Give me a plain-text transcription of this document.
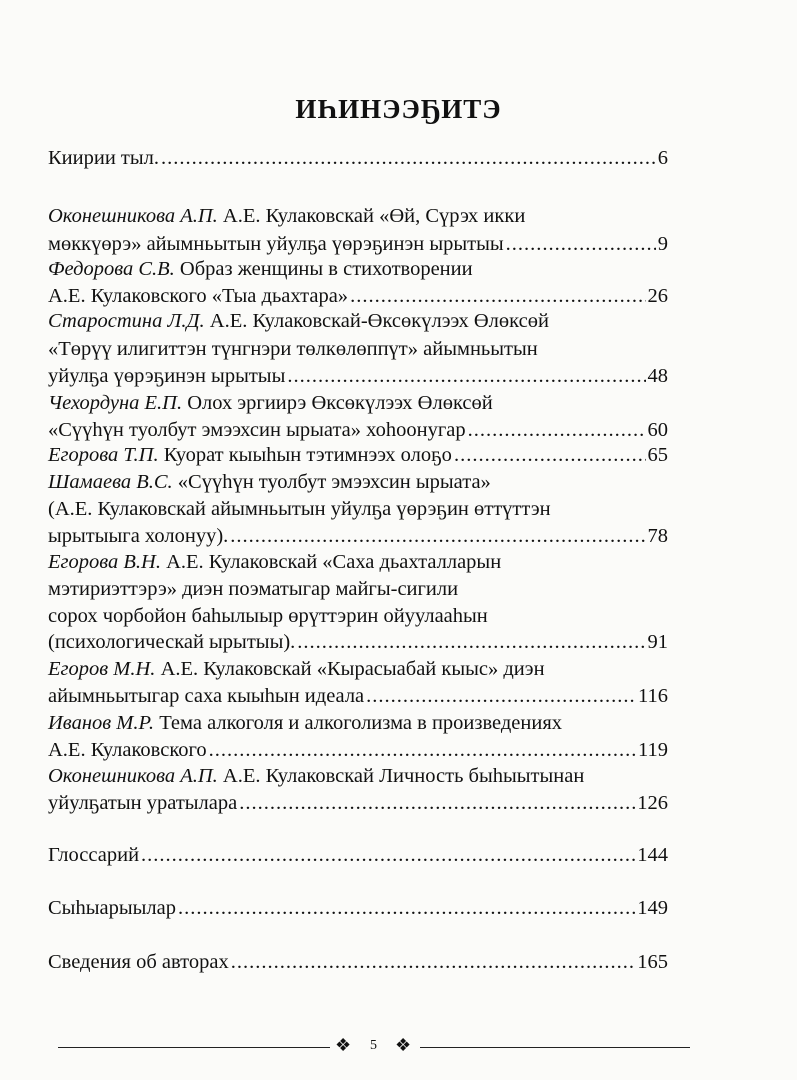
ИҺИНЭЭҔИТЭ
Киирии тыл. .....	6
Оконешникова А.П. А.Е. Кулаковскай «Өй, Сүрэх икки
мөккүөрэ» айымньытын уйулҕа үөрэҕинэн ырытыы .....	9
Федорова С.В. Образ женщины в стихотворении
А.Е. Кулаковского «Тыа дьахтара» .....	26
Старостина Л.Д. А.Е. Кулаковскай-Өксөкүлээх Өлөксөй
«Төрүү илигиттэн түнгнэри төлкөлөппүт» айымньытын
уйулҕа үөрэҕинэн ырытыы .....	48
Чехордуна Е.П. Олох эргиирэ Өксөкүлээх Өлөксөй
«Сүүһүн туолбут эмээхсин ырыата» хоһоонугар .....	60
Егорова Т.П. Куорат кыыһын тэтимнээх олоҕо .....	65
Шамаева В.С. «Сүүһүн туолбут эмээхсин ырыата»
(А.Е. Кулаковскай айымньытын уйулҕа үөрэҕин өттүттэн
ырытыыга холонуу). .....	78
Егорова В.Н. А.Е. Кулаковскай «Саха дьахталларын
мэтириэттэрэ» диэн поэматыгар майгы-сигили
сорох чорбойон баһылыыр өрүттэрин ойуулааһын
(психологическай ырытыы). .....	91
Егоров М.Н. А.Е. Кулаковскай «Кырасыабай кыыс» диэн
айымньытыгар саха кыыһын идеала .....	116
Иванов М.Р. Тема алкоголя и алкоголизма в произведениях
А.Е. Кулаковского .....	119
Оконешникова А.П. А.Е. Кулаковскай Личность быһыытынан
уйулҕатын уратылара .....	126
Глоссарий .....	144
Сыһыарыылар .....	149
Сведения об авторах .....	165
❖ 5 ❖
